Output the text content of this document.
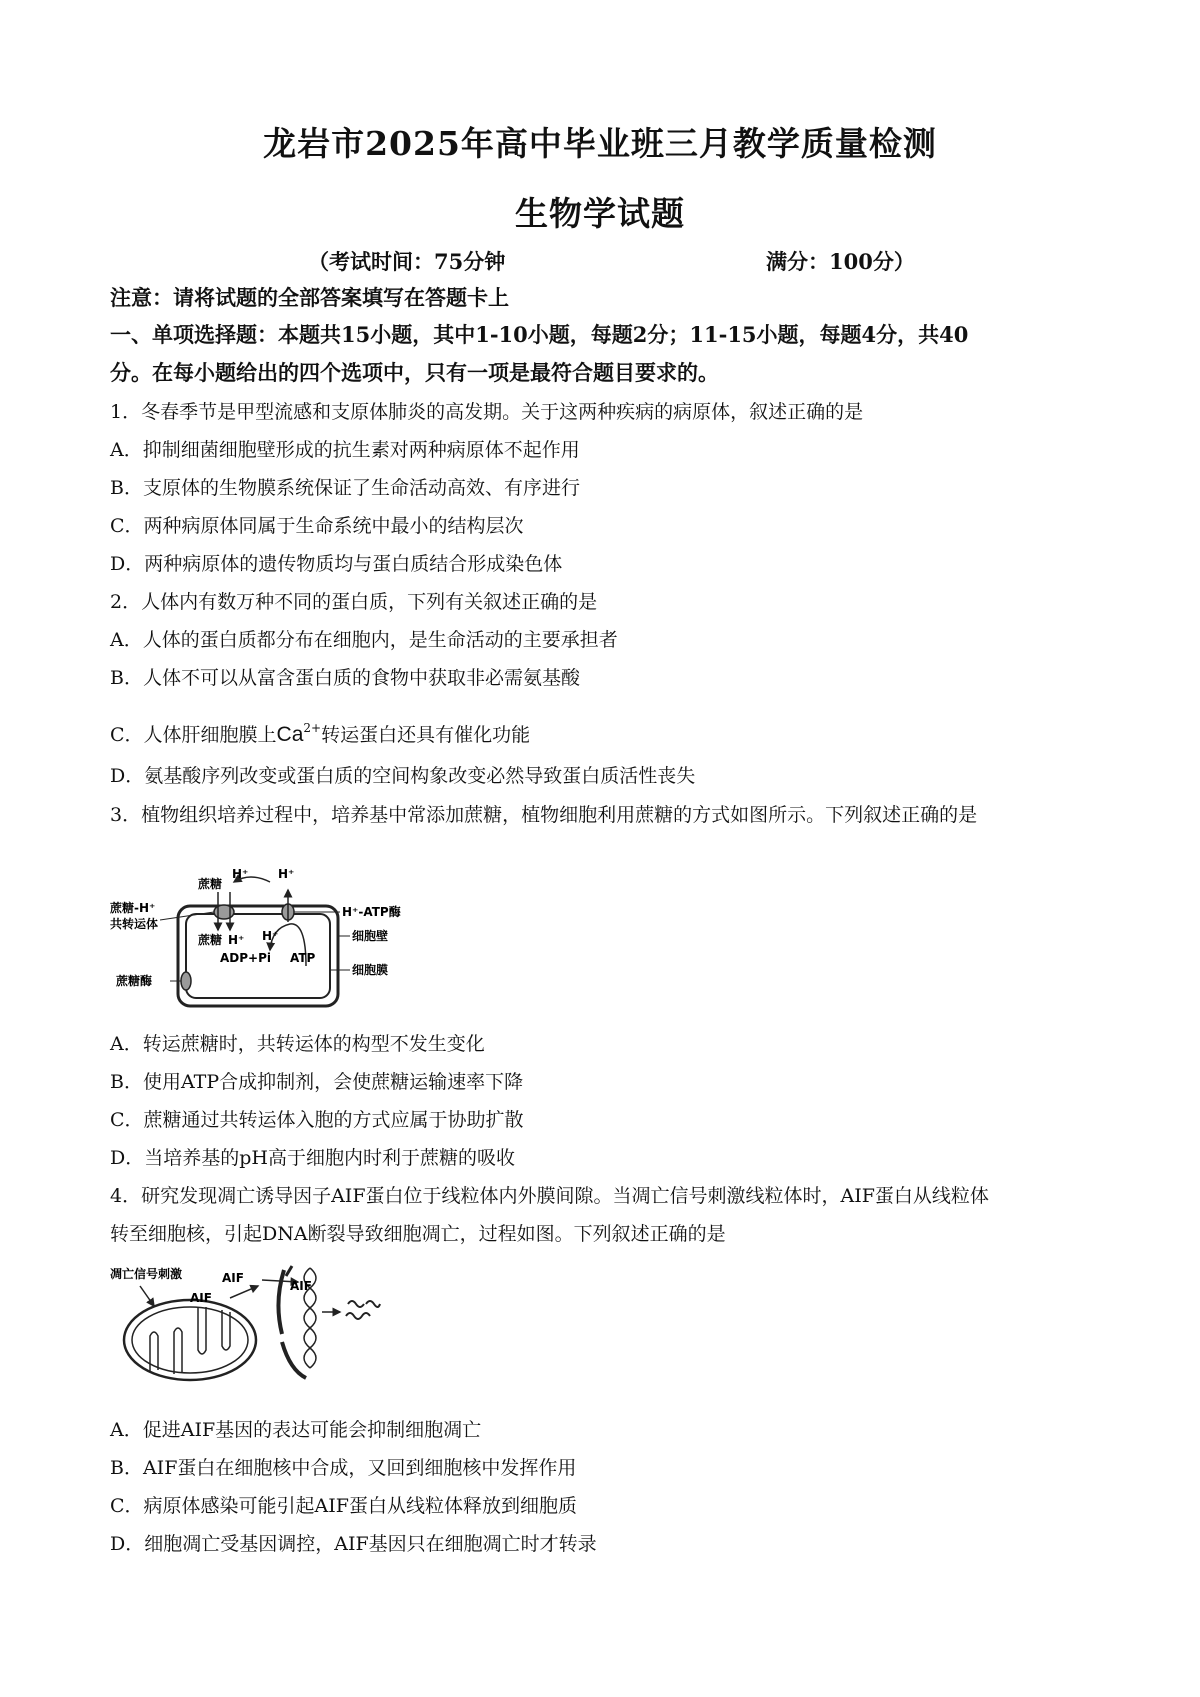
龙岩市2025年高中毕业班三月教学质量检测
生物学试题
（考试时间：75分钟	满分：100分）
注意：请将试题的全部答案填写在答题卡上
一、单项选择题：本题共15小题，其中1-10小题，每题2分；11-15小题，每题4分，共40
分。在每小题给出的四个选项中，只有一项是最符合题目要求的。
1．冬春季节是甲型流感和支原体肺炎的高发期。关于这两种疾病的病原体，叙述正确的是
A．抑制细菌细胞壁形成的抗生素对两种病原体不起作用
B．支原体的生物膜系统保证了生命活动高效、有序进行
C．两种病原体同属于生命系统中最小的结构层次
D．两种病原体的遗传物质均与蛋白质结合形成染色体
2．人体内有数万种不同的蛋白质，下列有关叙述正确的是
A．人体的蛋白质都分布在细胞内，是生命活动的主要承担者
B．人体不可以从富含蛋白质的食物中获取非必需氨基酸
C．人体肝细胞膜上$Ca^{2+}$转运蛋白还具有催化功能
D．氨基酸序列改变或蛋白质的空间构象改变必然导致蛋白质活性丧失
3．植物组织培养过程中，培养基中常添加蔗糖，植物细胞利用蔗糖的方式如图所示。下列叙述正确的是
蔗糖
H⁺ H⁺
蔗糖-H⁺
共转运体
H⁺-ATP酶
蔗糖 H⁺ H⁺
ADP+Pi ATP
细胞壁
蔗糖酶
细胞膜
A．转运蔗糖时，共转运体的构型不发生变化
B．使用ATP合成抑制剂，会使蔗糖运输速率下降
C．蔗糖通过共转运体入胞的方式应属于协助扩散
D．当培养基的pH高于细胞内时利于蔗糖的吸收
4．研究发现凋亡诱导因子AIF蛋白位于线粒体内外膜间隙。当凋亡信号刺激线粒体时，AIF蛋白从线粒体
转至细胞核，引起DNA断裂导致细胞凋亡，过程如图。下列叙述正确的是
凋亡信号刺激
AIF
AIF
AIF
A．促进AIF基因的表达可能会抑制细胞凋亡
B．AIF蛋白在细胞核中合成，又回到细胞核中发挥作用
C．病原体感染可能引起AIF蛋白从线粒体释放到细胞质
D．细胞凋亡受基因调控，AIF基因只在细胞凋亡时才转录
